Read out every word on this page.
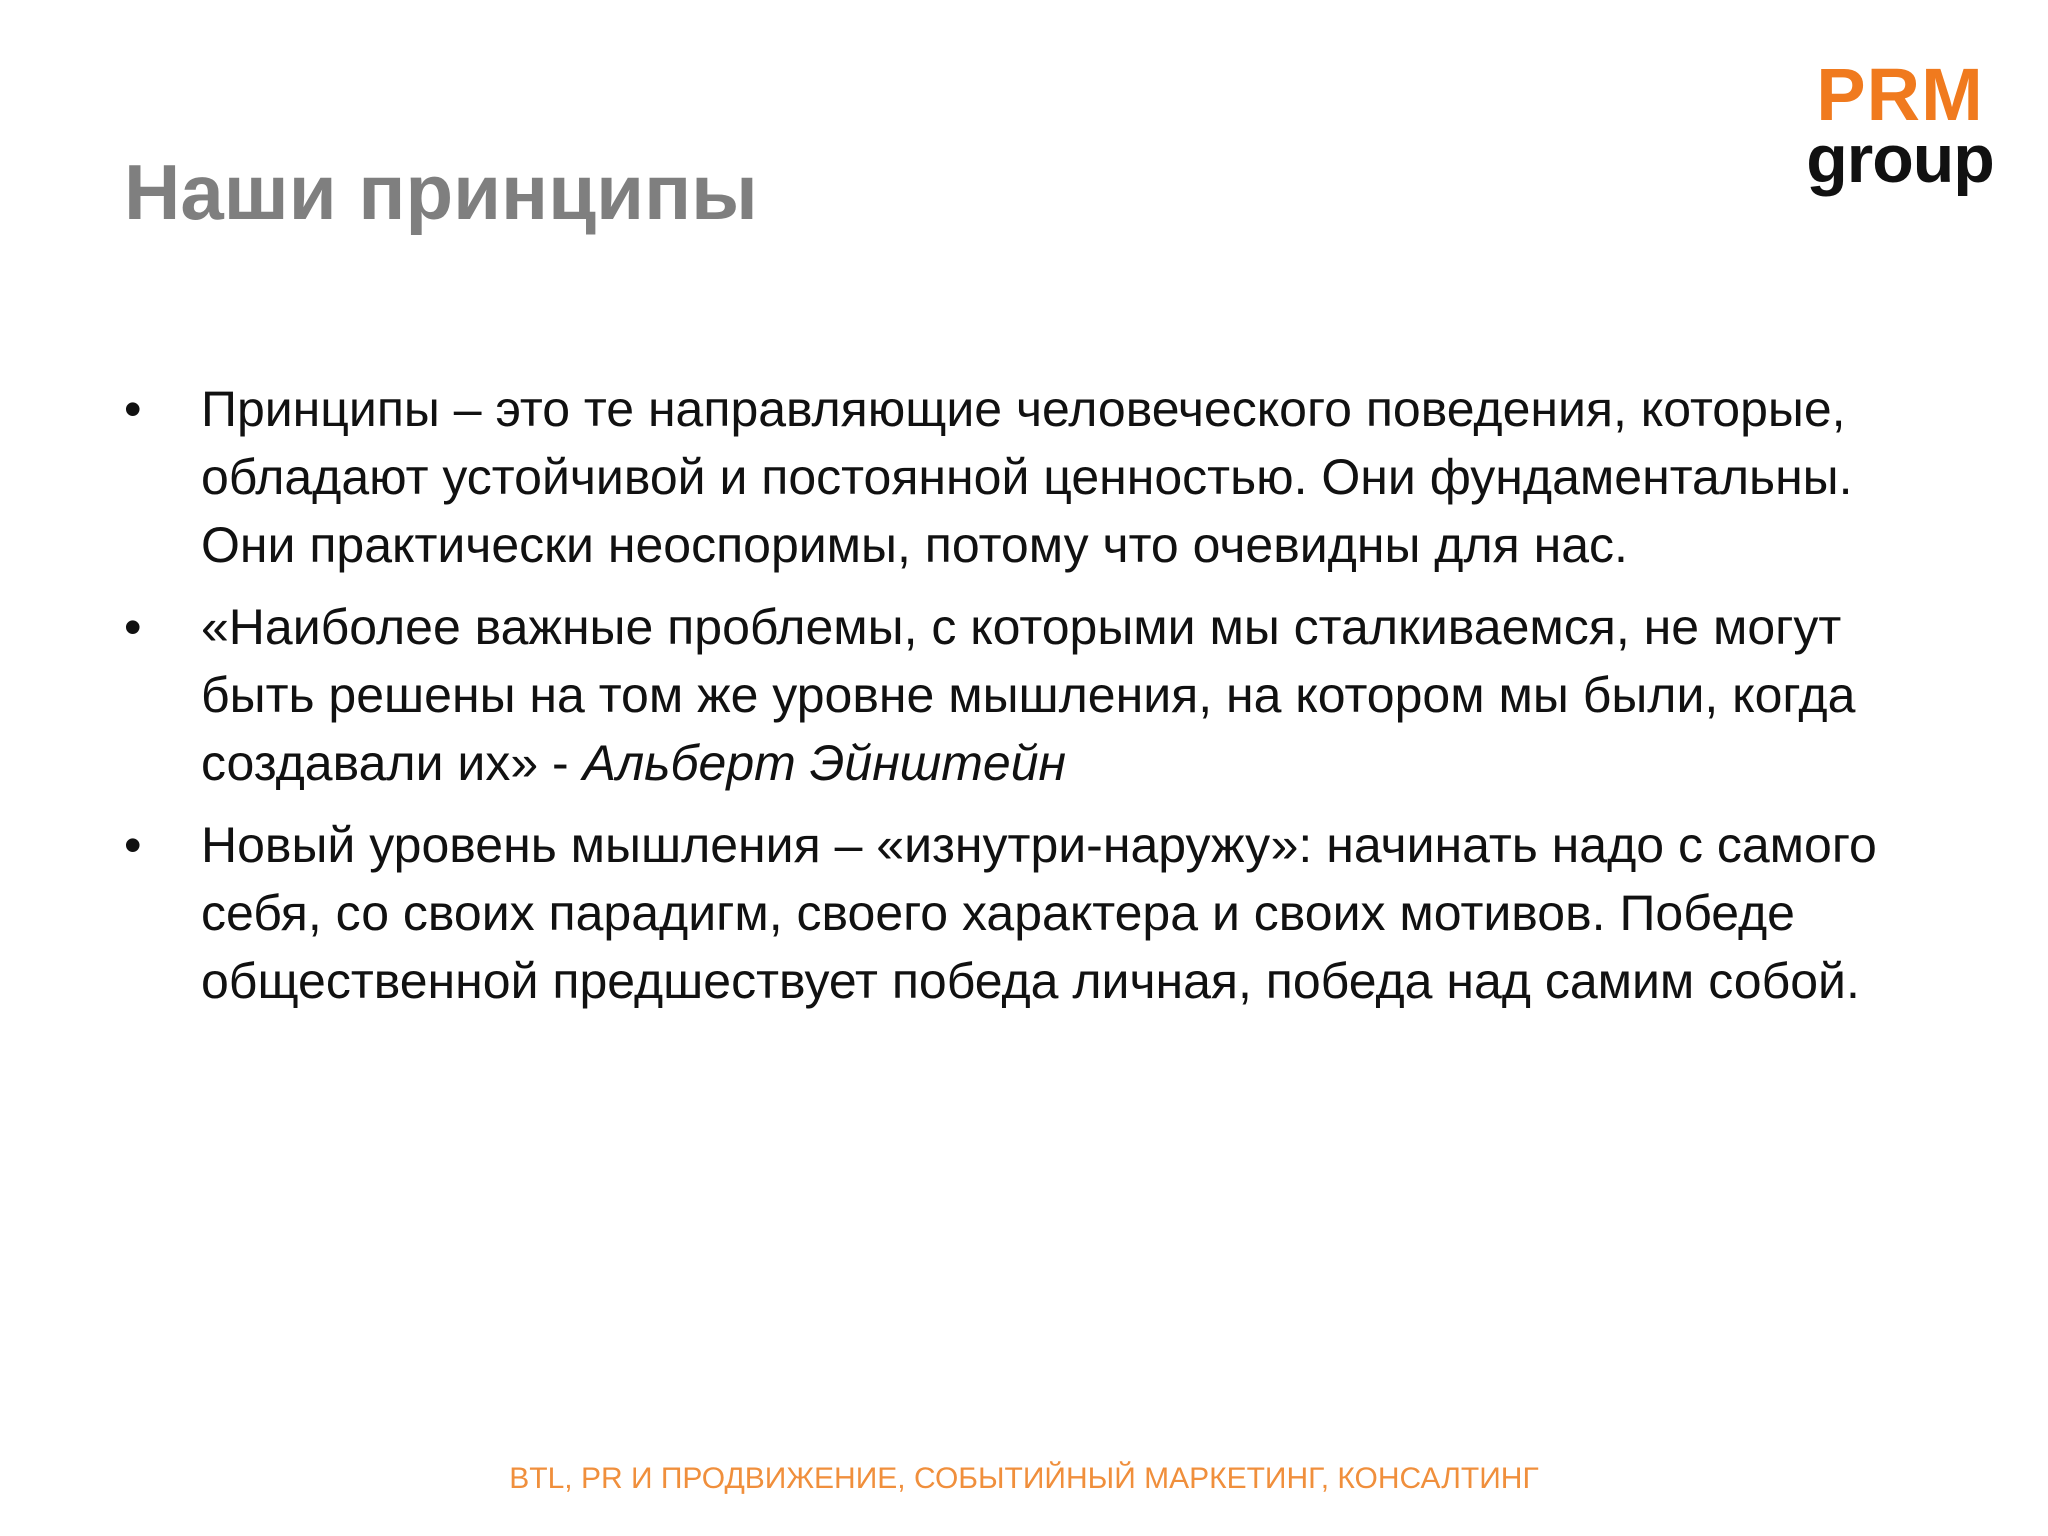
Наши принципы
PRM
group
• Принципы – это те направляющие человеческого поведения, которые, обладают устойчивой и постоянной ценностью. Они фундаментальны. Они практически неоспоримы, потому что очевидны для нас.
• «Наиболее важные проблемы, с которыми мы сталкиваемся, не могут быть решены на том же уровне мышления, на котором мы были, когда создавали их» - Альберт Эйнштейн
• Новый уровень мышления – «изнутри-наружу»: начинать надо с самого себя, со своих парадигм, своего характера и своих мотивов. Победе общественной предшествует победа личная, победа над самим собой.
BTL, PR И ПРОДВИЖЕНИЕ, СОБЫТИЙНЫЙ МАРКЕТИНГ, КОНСАЛТИНГ
